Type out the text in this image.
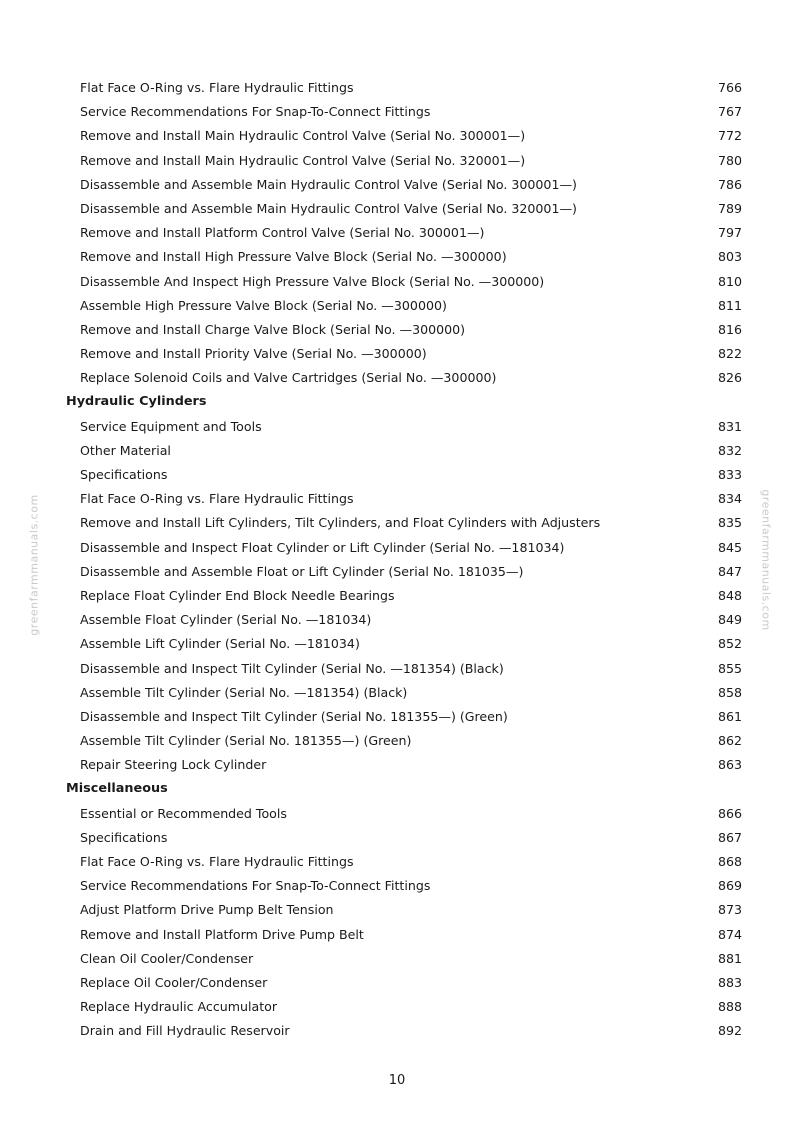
greenfarmmanuals.com	greenfarmmanuals.com
Flat Face O-Ring vs. Flare Hydraulic Fittings	766
Service Recommendations For Snap-To-Connect Fittings	767
Remove and Install Main Hydraulic Control Valve (Serial No. 300001—)	772
Remove and Install Main Hydraulic Control Valve (Serial No. 320001—)	780
Disassemble and Assemble Main Hydraulic Control Valve (Serial No. 300001—)	786
Disassemble and Assemble Main Hydraulic Control Valve (Serial No. 320001—)	789
Remove and Install Platform Control Valve (Serial No. 300001—)	797
Remove and Install High Pressure Valve Block (Serial No. —300000)	803
Disassemble And Inspect High Pressure Valve Block (Serial No. —300000)	810
Assemble High Pressure Valve Block (Serial No. —300000)	811
Remove and Install Charge Valve Block (Serial No. —300000)	816
Remove and Install Priority Valve (Serial No. —300000)	822
Replace Solenoid Coils and Valve Cartridges (Serial No. —300000)	826
Hydraulic Cylinders
Service Equipment and Tools	831
Other Material	832
Specifications	833
Flat Face O-Ring vs. Flare Hydraulic Fittings	834
Remove and Install Lift Cylinders, Tilt Cylinders, and Float Cylinders with Adjusters	835
Disassemble and Inspect Float Cylinder or Lift Cylinder (Serial No. —181034)	845
Disassemble and Assemble Float or Lift Cylinder (Serial No. 181035—)	847
Replace Float Cylinder End Block Needle Bearings	848
Assemble Float Cylinder (Serial No. —181034)	849
Assemble Lift Cylinder (Serial No. —181034)	852
Disassemble and Inspect Tilt Cylinder (Serial No. —181354) (Black)	855
Assemble Tilt Cylinder (Serial No. —181354) (Black)	858
Disassemble and Inspect Tilt Cylinder (Serial No. 181355—) (Green)	861
Assemble Tilt Cylinder (Serial No. 181355—) (Green)	862
Repair Steering Lock Cylinder	863
Miscellaneous
Essential or Recommended Tools	866
Specifications	867
Flat Face O-Ring vs. Flare Hydraulic Fittings	868
Service Recommendations For Snap-To-Connect Fittings	869
Adjust Platform Drive Pump Belt Tension	873
Remove and Install Platform Drive Pump Belt	874
Clean Oil Cooler/Condenser	881
Replace Oil Cooler/Condenser	883
Replace Hydraulic Accumulator	888
Drain and Fill Hydraulic Reservoir	892
10
